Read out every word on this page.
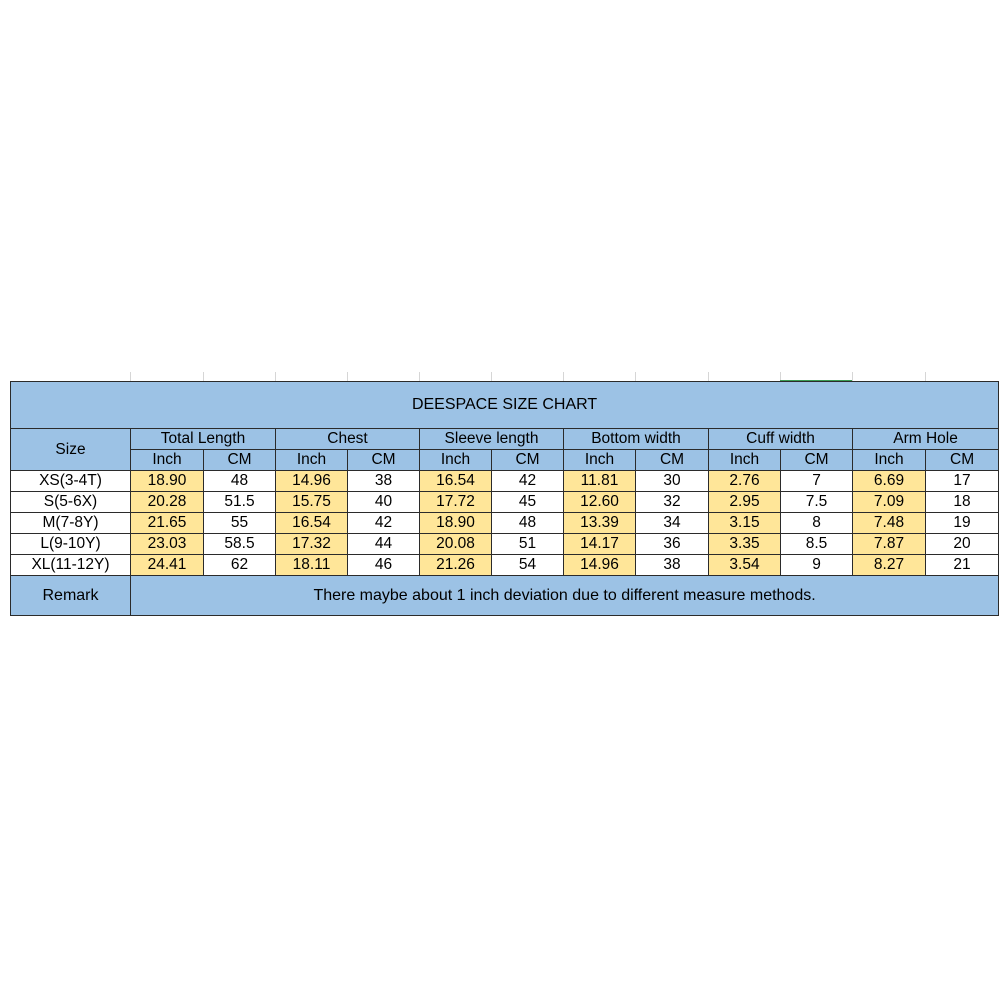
DEESPACE SIZE CHART												
Size	Total Length		Chest		Sleeve length		Bottom width		Cuff width		Arm Hole	
	Inch	CM	Inch	CM	Inch	CM	Inch	CM	Inch	CM	Inch	CM
XS(3-4T)	18.90	48	14.96	38	16.54	42	11.81	30	2.76	7	6.69	17
S(5-6X)	20.28	51.5	15.75	40	17.72	45	12.60	32	2.95	7.5	7.09	18
M(7-8Y)	21.65	55	16.54	42	18.90	48	13.39	34	3.15	8	7.48	19
L(9-10Y)	23.03	58.5	17.32	44	20.08	51	14.17	36	3.35	8.5	7.87	20
XL(11-12Y)	24.41	62	18.11	46	21.26	54	14.96	38	3.54	9	8.27	21
Remark	There maybe about 1 inch deviation due to different measure methods.											
